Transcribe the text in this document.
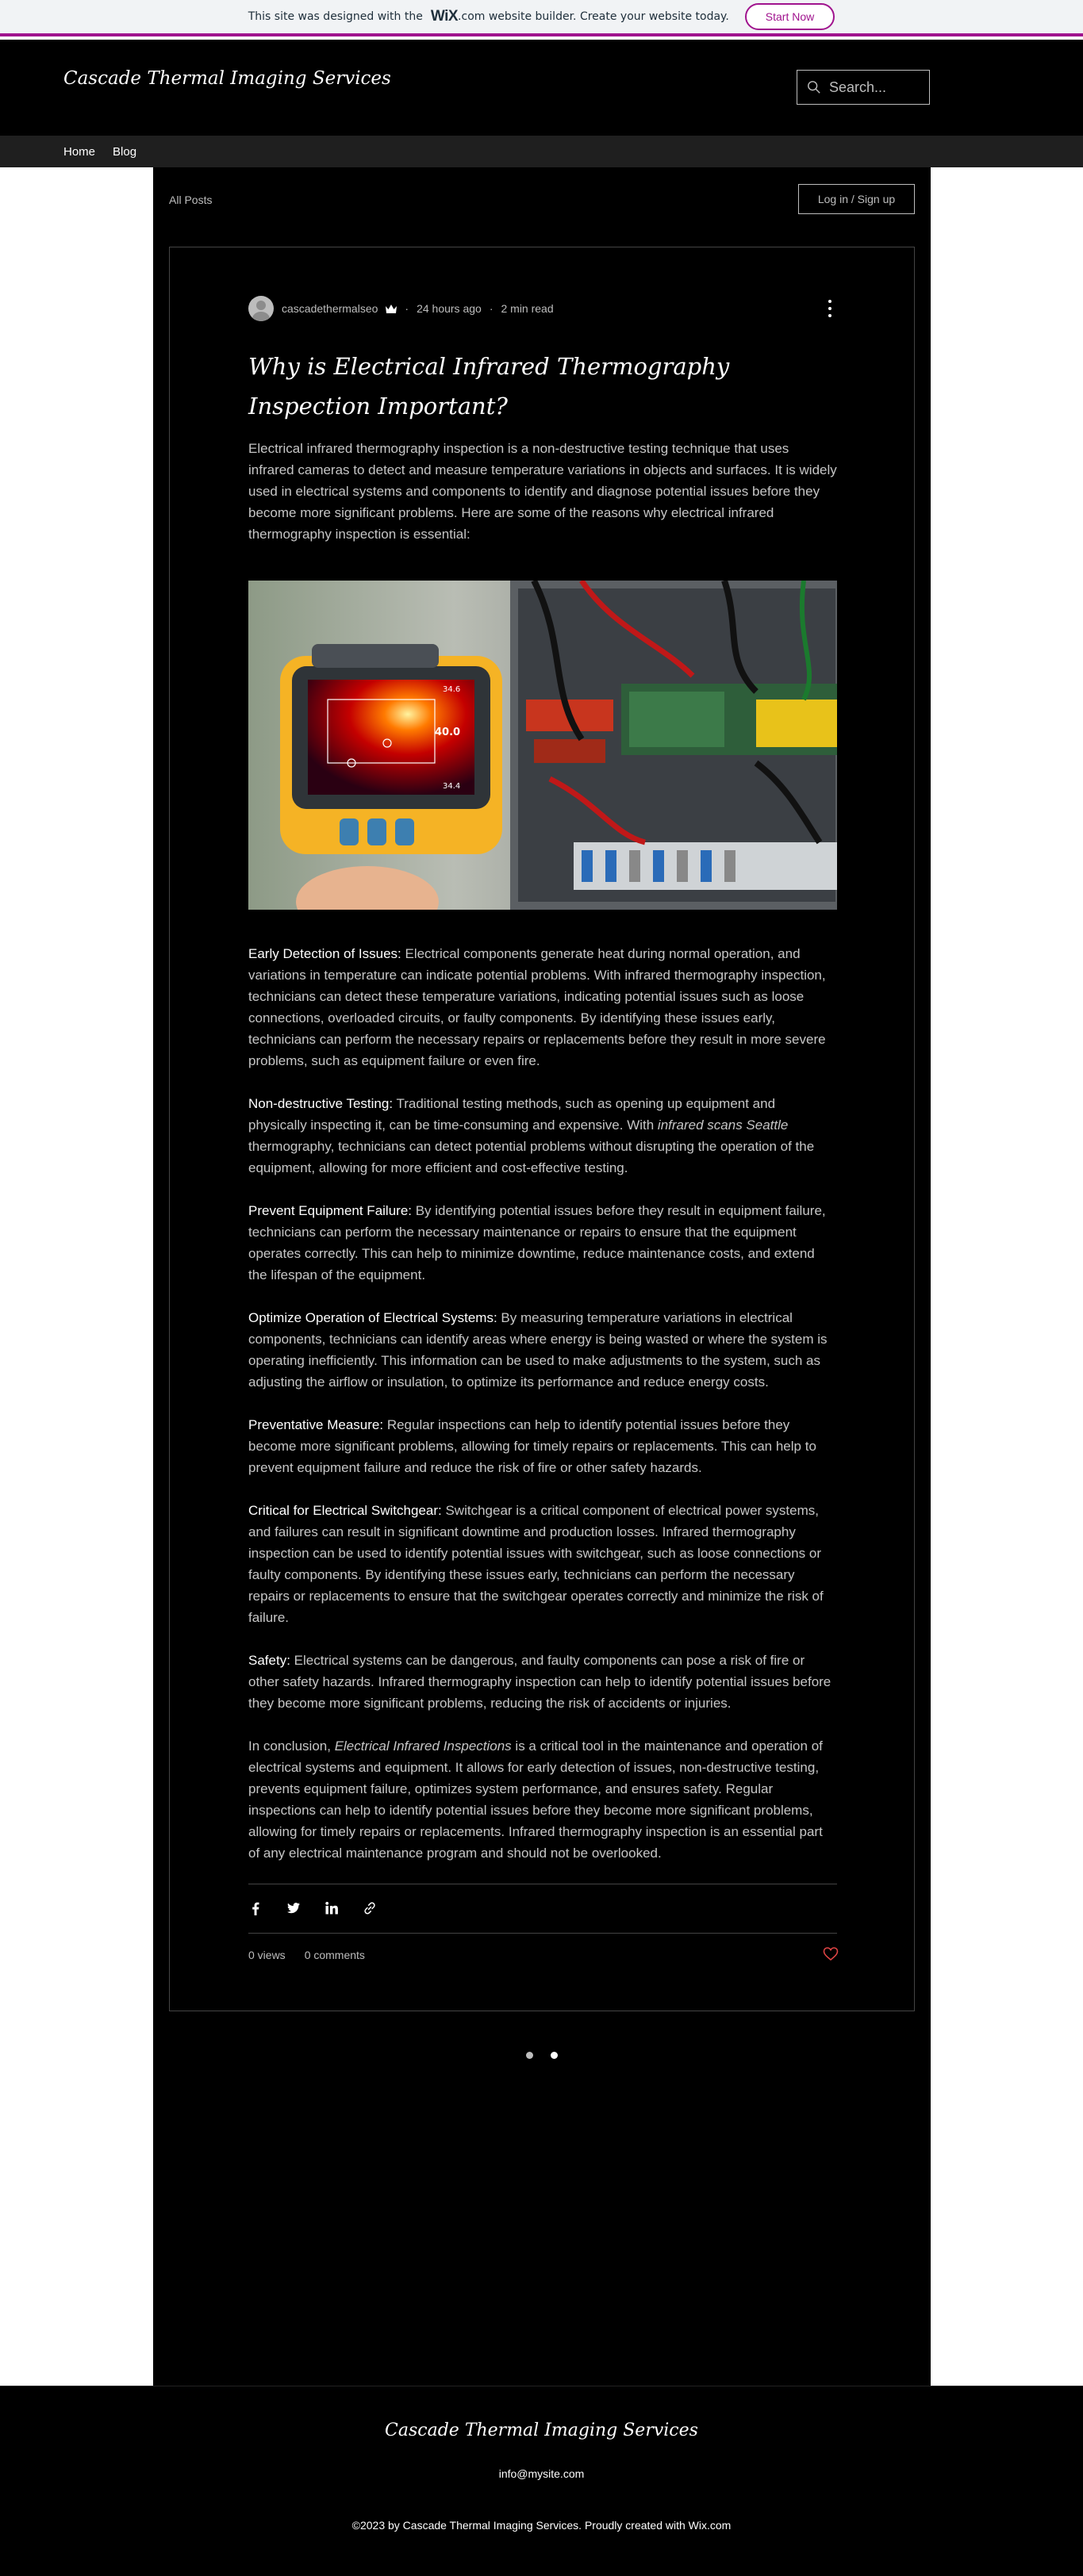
This site was designed with the WiX .com website builder. Create your website today.	Start Now
Cascade Thermal Imaging Services	Search...
Home Blog
All Posts	Log in / Sign up
cascadethermalseo · 24 hours ago · 2 min read
Why is Electrical Infrared Thermography Inspection Important?

Electrical infrared thermography inspection is a non-destructive testing technique that uses infrared cameras to detect and measure temperature variations in objects and surfaces. It is widely used in electrical systems and components to identify and diagnose potential issues before they become more significant problems. Here are some of the reasons why electrical infrared thermography inspection is essential:

34.6
40.0
34.4

Early Detection of Issues: Electrical components generate heat during normal operation, and variations in temperature can indicate potential problems. With infrared thermography inspection, technicians can detect these temperature variations, indicating potential issues such as loose connections, overloaded circuits, or faulty components. By identifying these issues early, technicians can perform the necessary repairs or replacements before they result in more severe problems, such as equipment failure or even fire.

Non-destructive Testing: Traditional testing methods, such as opening up equipment and physically inspecting it, can be time-consuming and expensive. With infrared scans Seattle thermography, technicians can detect potential problems without disrupting the operation of the equipment, allowing for more efficient and cost-effective testing.

Prevent Equipment Failure: By identifying potential issues before they result in equipment failure, technicians can perform the necessary maintenance or repairs to ensure that the equipment operates correctly. This can help to minimize downtime, reduce maintenance costs, and extend the lifespan of the equipment.

Optimize Operation of Electrical Systems: By measuring temperature variations in electrical components, technicians can identify areas where energy is being wasted or where the system is operating inefficiently. This information can be used to make adjustments to the system, such as adjusting the airflow or insulation, to optimize its performance and reduce energy costs.

Preventative Measure: Regular inspections can help to identify potential issues before they become more significant problems, allowing for timely repairs or replacements. This can help to prevent equipment failure and reduce the risk of fire or other safety hazards.

Critical for Electrical Switchgear: Switchgear is a critical component of electrical power systems, and failures can result in significant downtime and production losses. Infrared thermography inspection can be used to identify potential issues with switchgear, such as loose connections or faulty components. By identifying these issues early, technicians can perform the necessary repairs or replacements to ensure that the switchgear operates correctly and minimize the risk of failure.

Safety: Electrical systems can be dangerous, and faulty components can pose a risk of fire or other safety hazards. Infrared thermography inspection can help to identify potential issues before they become more significant problems, reducing the risk of accidents or injuries.

In conclusion, Electrical Infrared Inspections is a critical tool in the maintenance and operation of electrical systems and equipment. It allows for early detection of issues, non-destructive testing, prevents equipment failure, optimizes system performance, and ensures safety. Regular inspections can help to identify potential issues before they become more significant problems, allowing for timely repairs or replacements. Infrared thermography inspection is an essential part of any electrical maintenance program and should not be overlooked.

0 views 0 comments
Cascade Thermal Imaging Services
info@mysite.com
©2023 by Cascade Thermal Imaging Services. Proudly created with Wix.com
